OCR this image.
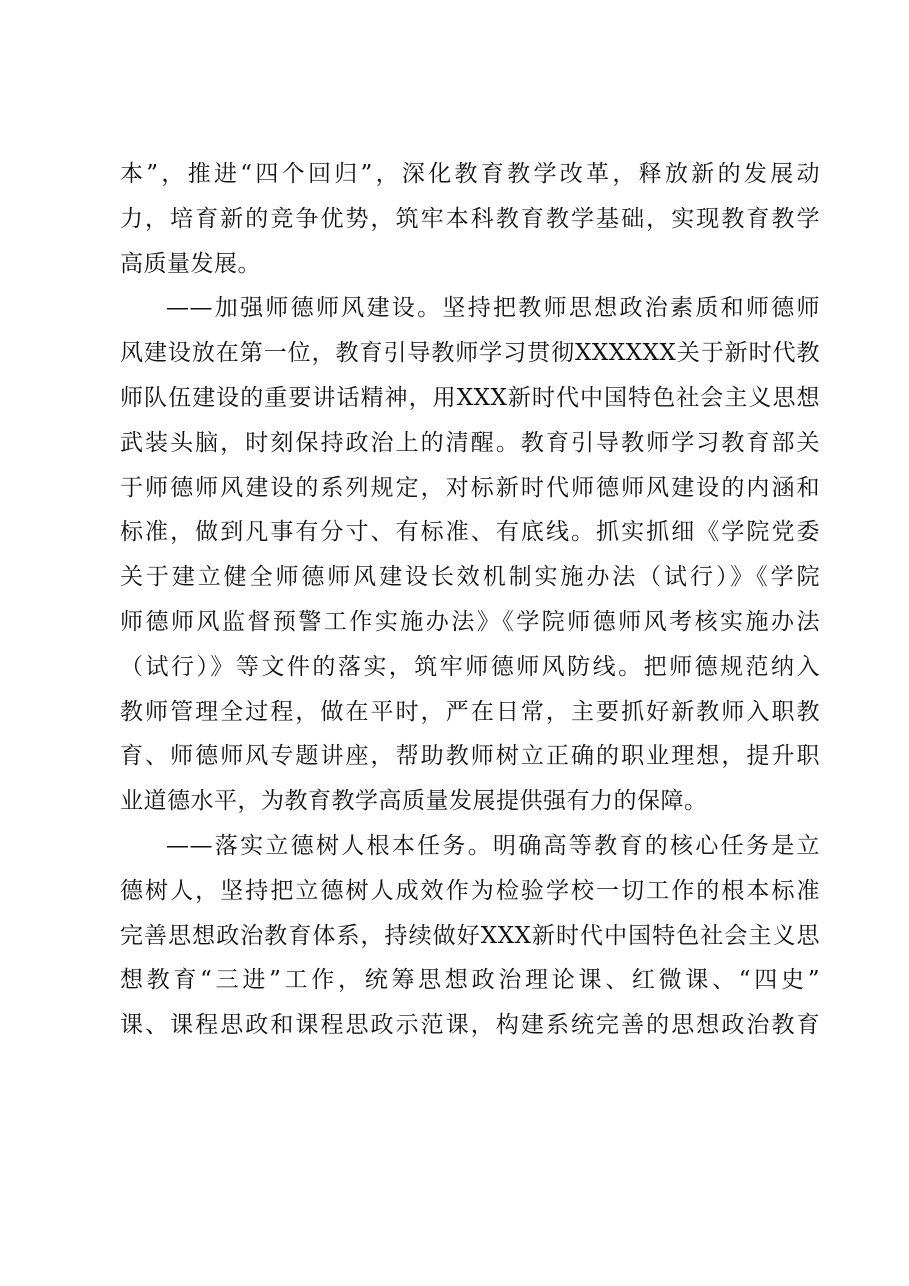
本”，推进“四个回归”，深化教育教学改革，释放新的发展动
力，培育新的竞争优势，筑牢本科教育教学基础，实现教育教学
高质量发展。
——加强师德师风建设。坚持把教师思想政治素质和师德师
风建设放在第一位，教育引导教师学习贯彻XXXXXX关于新时代教
师队伍建设的重要讲话精神，用XXX新时代中国特色社会主义思想
武装头脑，时刻保持政治上的清醒。教育引导教师学习教育部关
于师德师风建设的系列规定，对标新时代师德师风建设的内涵和
标准，做到凡事有分寸、有标准、有底线。抓实抓细《学院党委
关于建立健全师德师风建设长效机制实施办法（试行）》《学院
师德师风监督预警工作实施办法》《学院师德师风考核实施办法
（试行）》等文件的落实，筑牢师德师风防线。把师德规范纳入
教师管理全过程，做在平时，严在日常，主要抓好新教师入职教
育、师德师风专题讲座，帮助教师树立正确的职业理想，提升职
业道德水平，为教育教学高质量发展提供强有力的保障。
——落实立德树人根本任务。明确高等教育的核心任务是立
德树人，坚持把立德树人成效作为检验学校一切工作的根本标准
完善思想政治教育体系，持续做好XXX新时代中国特色社会主义思
想教育“三进”工作，统筹思想政治理论课、红微课、“四史”
课、课程思政和课程思政示范课，构建系统完善的思想政治教育
